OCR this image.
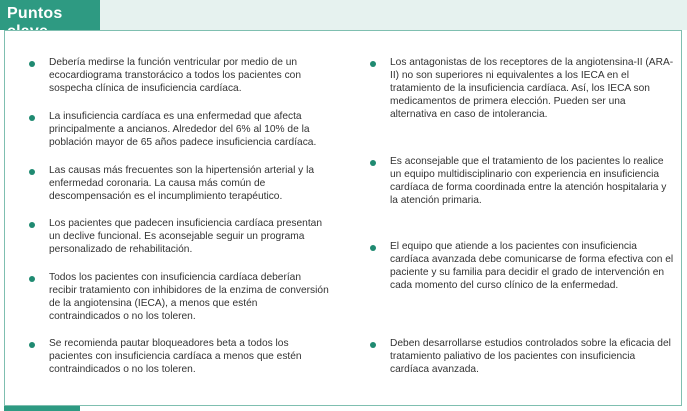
Puntos
Debería medirse la función ventricular por medio de un ecocardiograma transtorácico a todos los pacientes con sospecha clínica de insuficiencia cardíaca.
La insuficiencia cardíaca es una enfermedad que afecta principalmente a ancianos. Alrededor del 6% al 10% de la población mayor de 65 años padece insuficiencia cardíaca.
Las causas más frecuentes son la hipertensión arterial y la enfermedad coronaria. La causa más común de descompensación es el incumplimiento terapéutico.
Los pacientes que padecen insuficiencia cardíaca presentan un declive funcional. Es aconsejable seguir un programa personalizado de rehabilitación.
Todos los pacientes con insuficiencia cardíaca deberían recibir tratamiento con inhibidores de la enzima de conversión de la angiotensina (IECA), a menos que estén contraindicados o no los toleren.
Se recomienda pautar bloqueadores beta a todos los pacientes con insuficiencia cardíaca a menos que estén contraindicados o no los toleren.
Los antagonistas de los receptores de la angiotensina-II (ARA-II) no son superiores ni equivalentes a los IECA en el tratamiento de la insuficiencia cardíaca. Así, los IECA son medicamentos de primera elección. Pueden ser una alternativa en caso de intolerancia.
Es aconsejable que el tratamiento de los pacientes lo realice un equipo multidisciplinario con experiencia en insuficiencia cardíaca de forma coordinada entre la atención hospitalaria y la atención primaria.
El equipo que atiende a los pacientes con insuficiencia cardíaca avanzada debe comunicarse de forma efectiva con el paciente y su familia para decidir el grado de intervención en cada momento del curso clínico de la enfermedad.
Deben desarrollarse estudios controlados sobre la eficacia del tratamiento paliativo de los pacientes con insuficiencia cardíaca avanzada.
